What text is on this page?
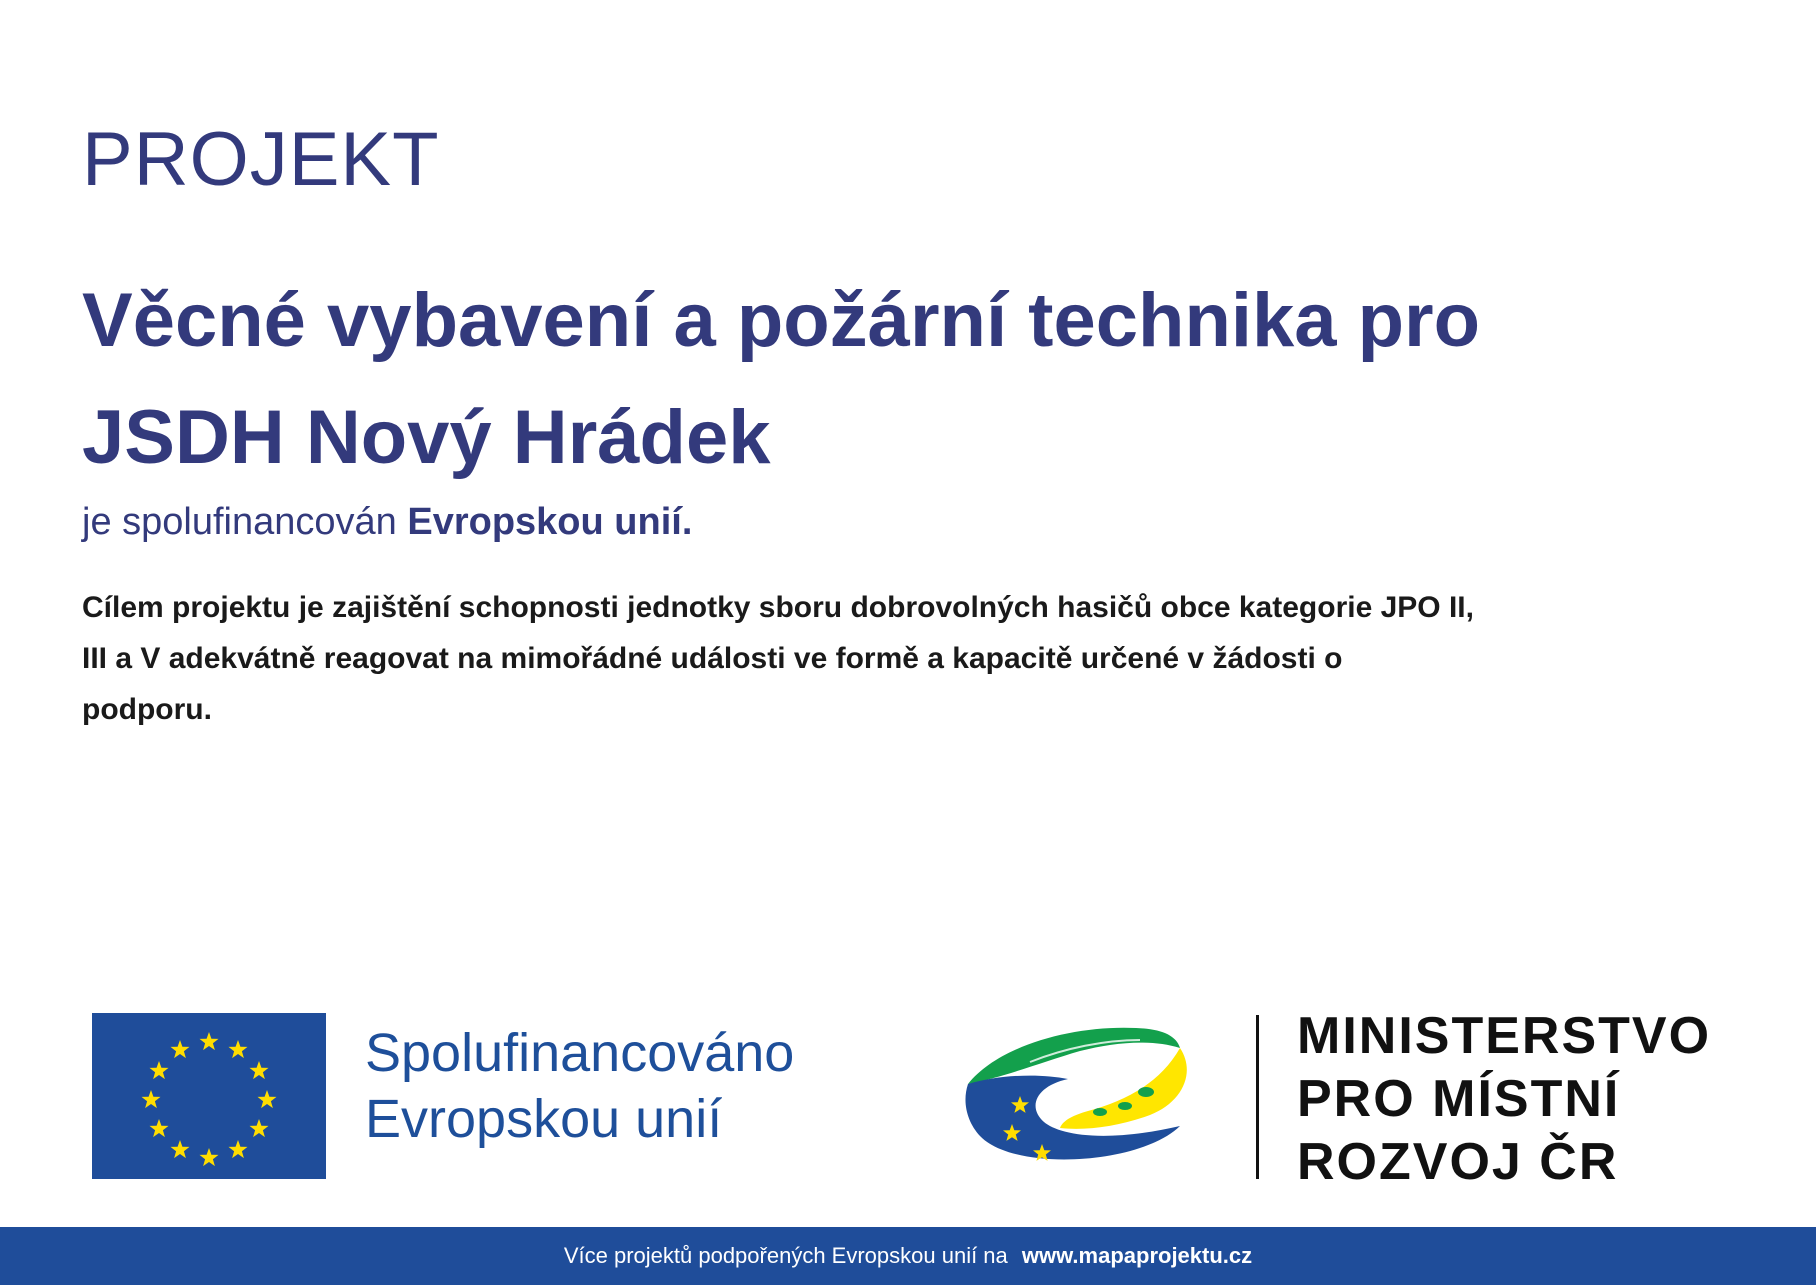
PROJEKT
Věcné vybavení a požární technika pro
JSDH Nový Hrádek

je spolufinancován Evropskou unií.

Cílem projektu je zajištění schopnosti jednotky sboru dobrovolných hasičů obce kategorie JPO II,
III a V adekvátně reagovat na mimořádné události ve formě a kapacitě určené v žádosti o
podporu.

Spolufinancováno
Evropskou unií
MINISTERSTVO
PRO MÍSTNÍ
ROZVOJ ČR
Více projektů podpořených Evropskou unií na www.mapaprojektu.cz
